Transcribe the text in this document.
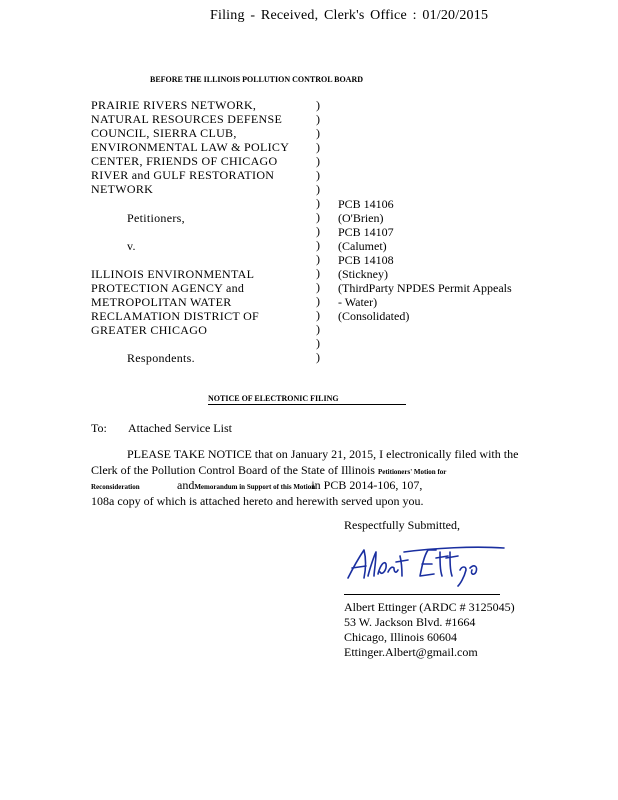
Filing - Received, Clerk's Office : 01/20/2015
BEFORE THE ILLINOIS POLLUTION CONTROL BOARD
PRAIRIE RIVERS NETWORK,
NATURAL RESOURCES DEFENSE
COUNCIL, SIERRA CLUB,
ENVIRONMENTAL LAW & POLICY
CENTER, FRIENDS OF CHICAGO
RIVER and GULF RESTORATION
NETWORK
Petitioners,
v.
ILLINOIS ENVIRONMENTAL
PROTECTION AGENCY and
METROPOLITAN WATER
RECLAMATION DISTRICT OF
GREATER CHICAGO
Respondents.
)
)
)
)
)
)
)
)
)
)
)
)
)
)
)
)
)
)
)
PCB 14106
(O'Brien)
PCB 14107
(Calumet)
PCB 14108
(Stickney)
(ThirdParty NPDES Permit Appeals
- Water)
(Consolidated)
NOTICE OF ELECTRONIC FILING
To: Attached Service List
PLEASE TAKE NOTICE that on January 21, 2015, I electronically filed with the
Clerk of the Pollution Control Board of the State of Illinois Petitioners' Motion for
Reconsideration	andMemorandum in Support of this Motionin PCB 2014-106, 107,
108a copy of which is attached hereto and herewith served upon you.
Respectfully Submitted,
Albert Ettinger (ARDC # 3125045)
53 W. Jackson Blvd. #1664
Chicago, Illinois 60604
Ettinger.Albert@gmail.com
